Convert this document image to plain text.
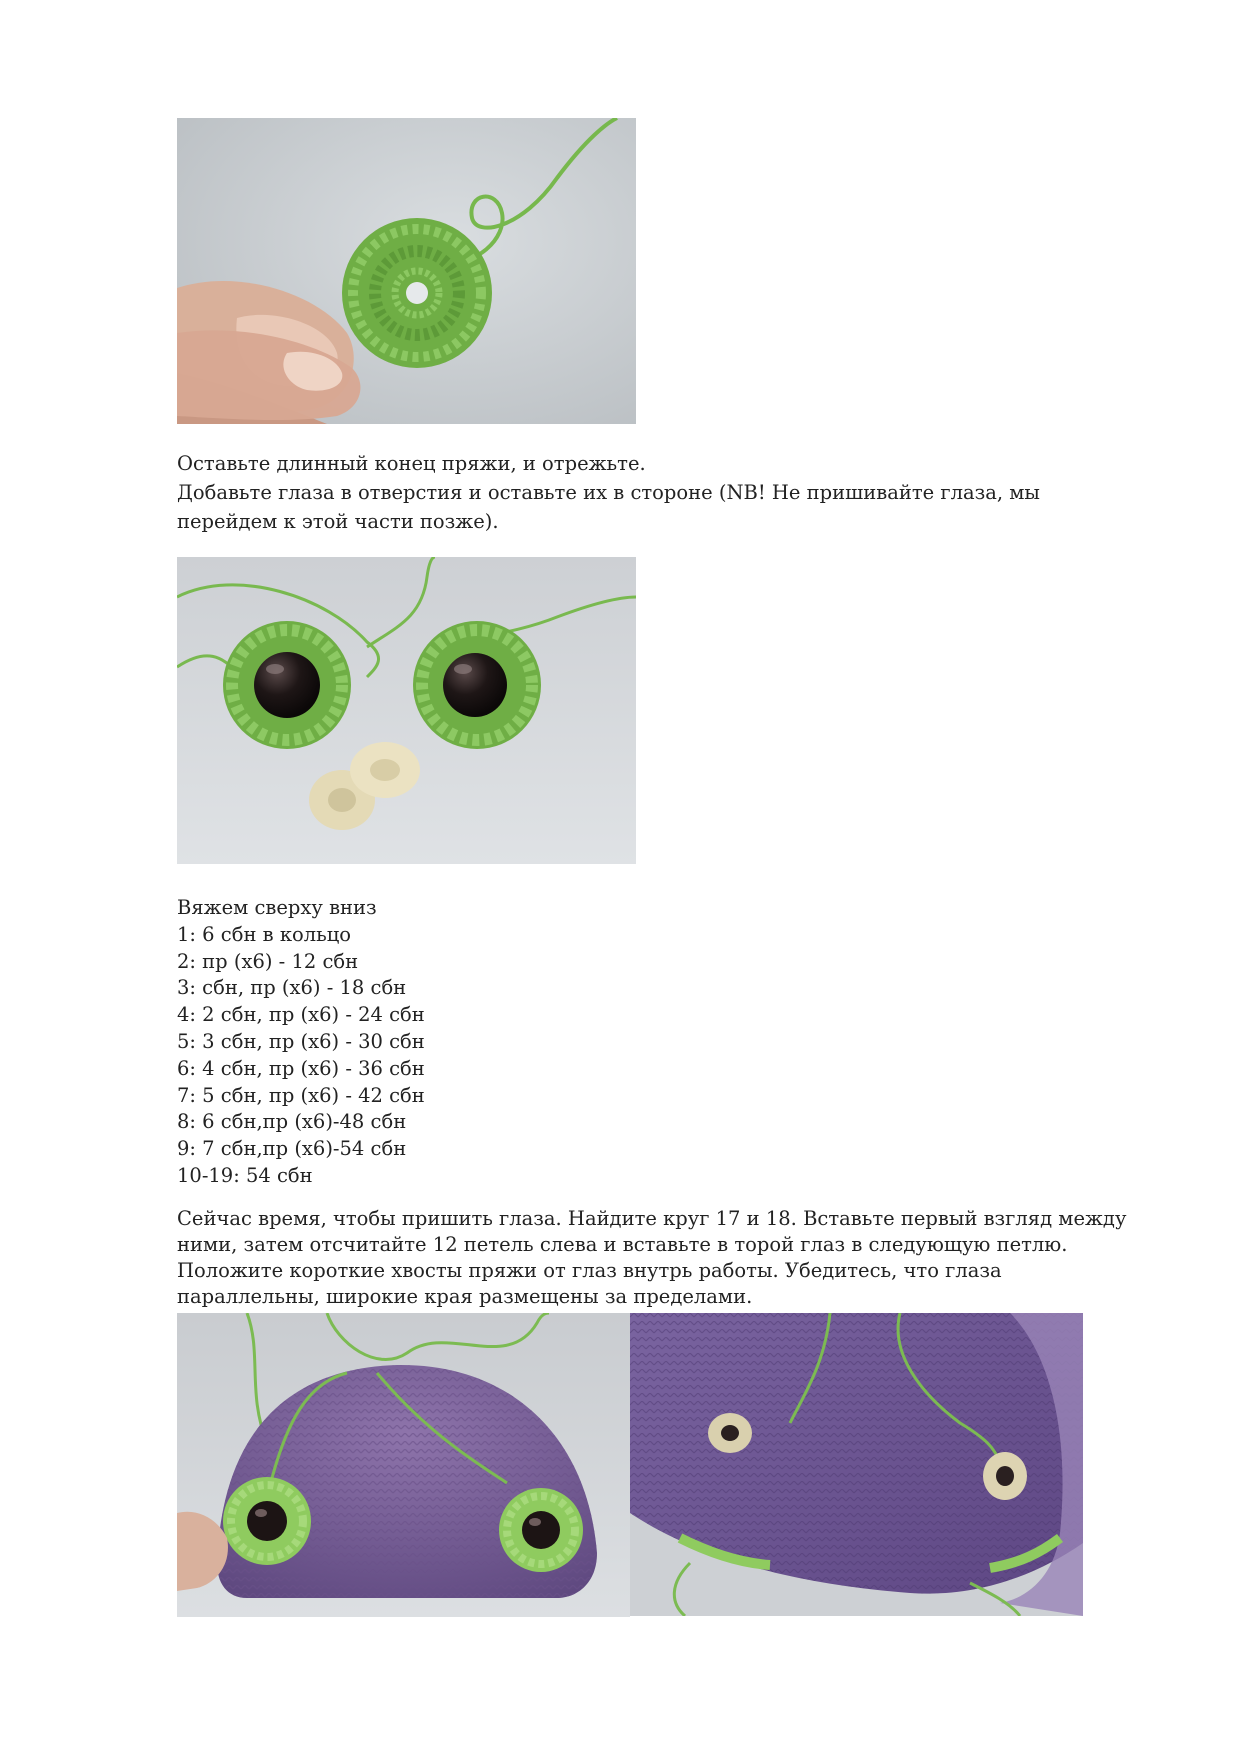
Оставьте длинный конец пряжи, и отрежьте.
Добавьте глаза в отверстия и оставьте их в стороне (NB! Не пришивайте глаза, мы
перейдем к этой части позже).
Вяжем сверху вниз
1: 6 сбн в кольцо
2: пр (х6) - 12 сбн
3: сбн, пр (х6) - 18 сбн
4: 2 сбн, пр (х6) - 24 сбн
5: 3 сбн, пр (х6) - 30 сбн
6: 4 сбн, пр (х6) - 36 сбн
7: 5 сбн, пр (х6) - 42 сбн
8: 6 сбн,пр (х6)-48 сбн
9: 7 сбн,пр (х6)-54 сбн
10-19: 54 сбн
Сейчас время, чтобы пришить глаза. Найдите круг 17 и 18. Вставьте первый взгляд между
ними, затем отсчитайте 12 петель слева и вставьте в торой глаз в следующую петлю.
Положите короткие хвосты пряжи от глаз внутрь работы. Убедитесь, что глаза
параллельны, широкие края размещены за пределами.
